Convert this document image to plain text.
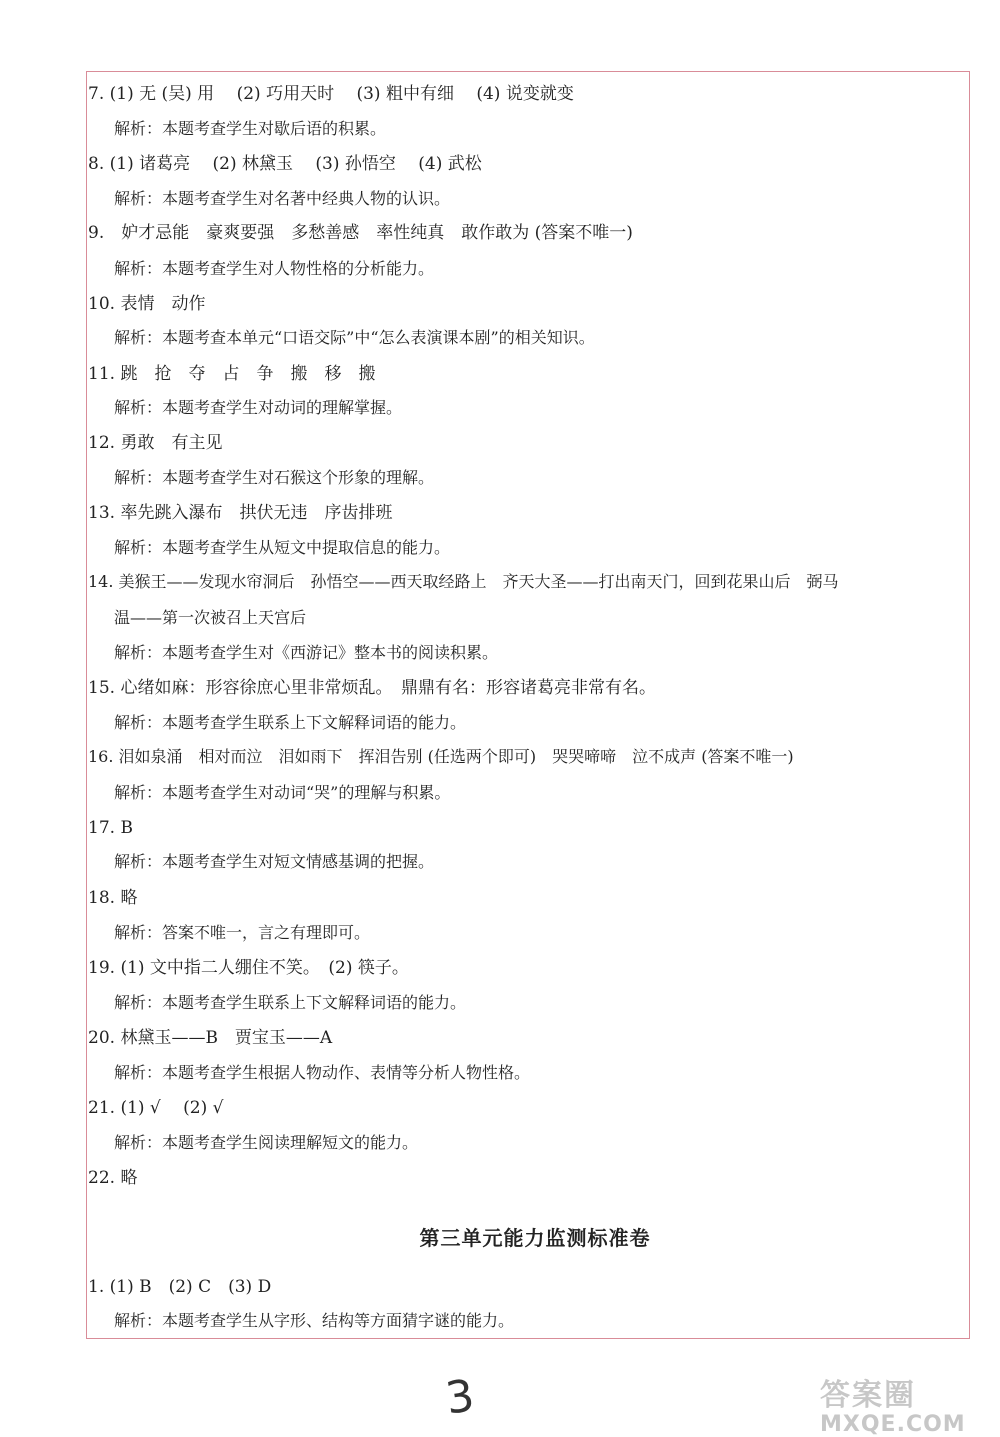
7. (1) 无 (吴) 用　 (2) 巧用天时　 (3) 粗中有细　 (4) 说变就变
解析：本题考查学生对歇后语的积累。
8. (1) 诸葛亮　 (2) 林黛玉　 (3) 孙悟空　 (4) 武松
解析：本题考查学生对名著中经典人物的认识。
9.　妒才忌能　豪爽要强　多愁善感　率性纯真　敢作敢为 (答案不唯一)
解析：本题考查学生对人物性格的分析能力。
10. 表情　动作
解析：本题考查本单元“口语交际”中“怎么表演课本剧”的相关知识。
11. 跳　抢　夺　占　争　搬　移　搬
解析：本题考查学生对动词的理解掌握。
12. 勇敢　有主见
解析：本题考查学生对石猴这个形象的理解。
13. 率先跳入瀑布　拱伏无违　序齿排班
解析：本题考查学生从短文中提取信息的能力。
14. 美猴王——发现水帘洞后　孙悟空——西天取经路上　齐天大圣——打出南天门，回到花果山后　弼马
温——第一次被召上天宫后
解析：本题考查学生对《西游记》整本书的阅读积累。
15. 心绪如麻：形容徐庶心里非常烦乱。　鼎鼎有名：形容诸葛亮非常有名。
解析：本题考查学生联系上下文解释词语的能力。
16. 泪如泉涌　相对而泣　泪如雨下　挥泪告别 (任选两个即可)　哭哭啼啼　泣不成声 (答案不唯一)
解析：本题考查学生对动词“哭”的理解与积累。
17. B
解析：本题考查学生对短文情感基调的把握。
18. 略
解析：答案不唯一，言之有理即可。
19. (1) 文中指二人绷住不笑。　(2) 筷子。
解析：本题考查学生联系上下文解释词语的能力。
20. 林黛玉——B　贾宝玉——A
解析：本题考查学生根据人物动作、表情等分析人物性格。
21. (1) √　 (2) √
解析：本题考查学生阅读理解短文的能力。
22. 略
第三单元能力监测标准卷
1. (1) B　(2) C　(3) D
解析：本题考查学生从字形、结构等方面猜字谜的能力。
3	答案圈
MXQE.COM
